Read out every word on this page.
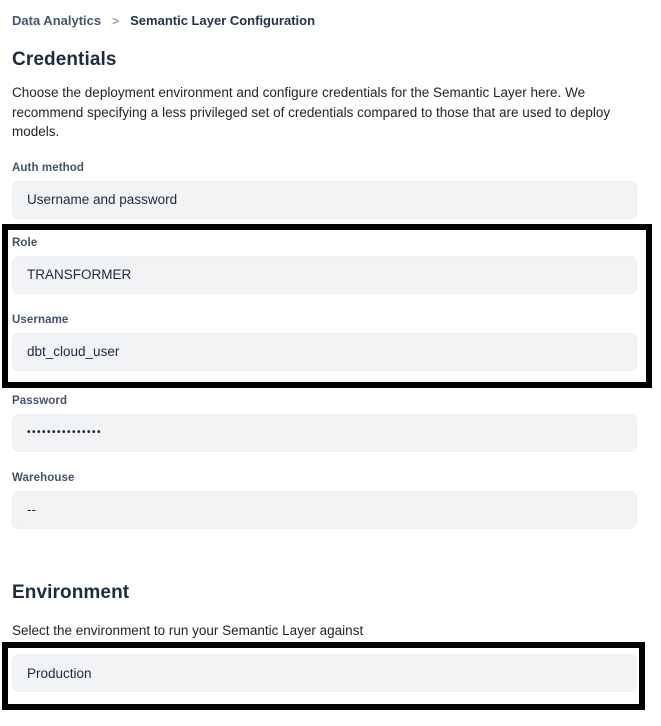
Data Analytics > Semantic Layer Configuration
Credentials

Choose the deployment environment and configure credentials for the Semantic Layer here. We recommend specifying a less privileged set of credentials compared to those that are used to deploy models.

Auth method
Username and password
Role
TRANSFORMER
Username
dbt_cloud_user
Password
•••••••••••••••
Warehouse
--
Environment

Select the environment to run your Semantic Layer against

Production
